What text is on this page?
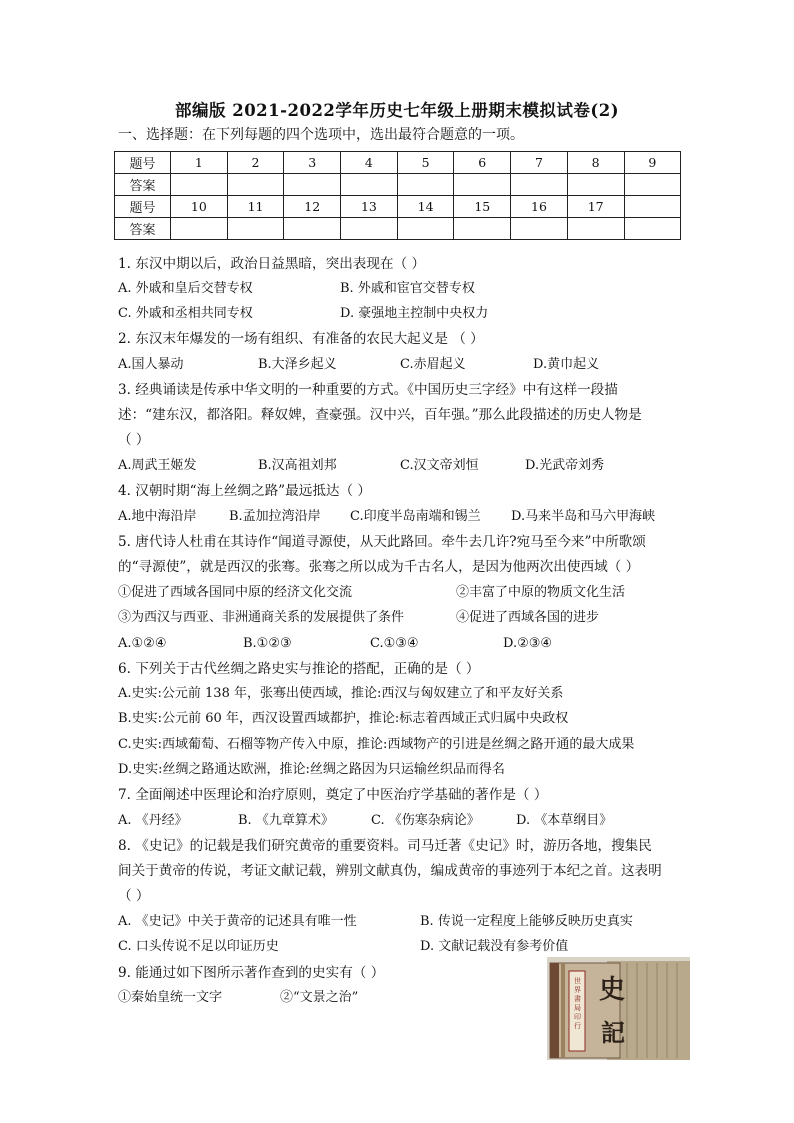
部编版 2021-2022学年历史七年级上册期末模拟试卷(2)
一、选择题：在下列每题的四个选项中，选出最符合题意的一项。
题号	1	2	3	4	5	6	7	8	9
答案									
题号	10	11	12	13	14	15	16	17	
答案									
1. 东汉中期以后，政治日益黑暗，突出表现在（ ）
A. 外戚和皇后交替专权	B. 外戚和宦官交替专权
C. 外戚和丞相共同专权	D. 豪强地主控制中央权力
2. 东汉末年爆发的一场有组织、有准备的农民大起义是 （ ）
A.国人暴动	B.大泽乡起义	C.赤眉起义	D.黄巾起义
3. 经典诵读是传承中华文明的一种重要的方式。《中国历史三字经》中有这样一段描
述：“建东汉，都洛阳。释奴婢，查豪强。汉中兴，百年强。”那么此段描述的历史人物是
（ ）
A.周武王姬发	B.汉高祖刘邦	C.汉文帝刘恒	D.光武帝刘秀
4. 汉朝时期“海上丝绸之路”最远抵达（ ）
A.地中海沿岸 B.孟加拉湾沿岸 C.印度半岛南端和锡兰 D.马来半岛和马六甲海峡
5. 唐代诗人杜甫在其诗作“闻道寻源使，从天此路回。牵牛去几许?宛马至今来”中所歌颂
的“寻源使”，就是西汉的张骞。张骞之所以成为千古名人，是因为他两次出使西域（ ）
①促进了西域各国同中原的经济文化交流	②丰富了中原的物质文化生活
③为西汉与西亚、非洲通商关系的发展提供了条件	④促进了西域各国的进步
A.①②④	B.①②③	C.①③④	D.②③④
6. 下列关于古代丝绸之路史实与推论的搭配，正确的是（ ）
A.史实:公元前 138 年，张骞出使西域，推论:西汉与匈奴建立了和平友好关系
B.史实:公元前 60 年，西汉设置西域都护，推论:标志着西域正式归属中央政权
C.史实:西域葡萄、石榴等物产传入中原，推论:西域物产的引进是丝绸之路开通的最大成果
D.史实:丝绸之路通达欧洲，推论:丝绸之路因为只运输丝织品而得名
7. 全面阐述中医理论和治疗原则，奠定了中医治疗学基础的著作是（ ）
A. 《丹经》	B. 《九章算术》	C. 《伤寒杂病论》	D. 《本草纲目》
8. 《史记》的记载是我们研究黄帝的重要资料。司马迁著《史记》时，游历各地，搜集民
间关于黄帝的传说，考证文献记载，辨别文献真伪，编成黄帝的事迹列于本纪之首。这表明
（ ）
A. 《史记》中关于黄帝的记述具有唯一性	B. 传说一定程度上能够反映历史真实
C. 口头传说不足以印证历史	D. 文献记载没有参考价值
9. 能通过如下图所示著作查到的史实有（ ）
①秦始皇统一文字	②“文景之治”	史
記
世界書局印行
